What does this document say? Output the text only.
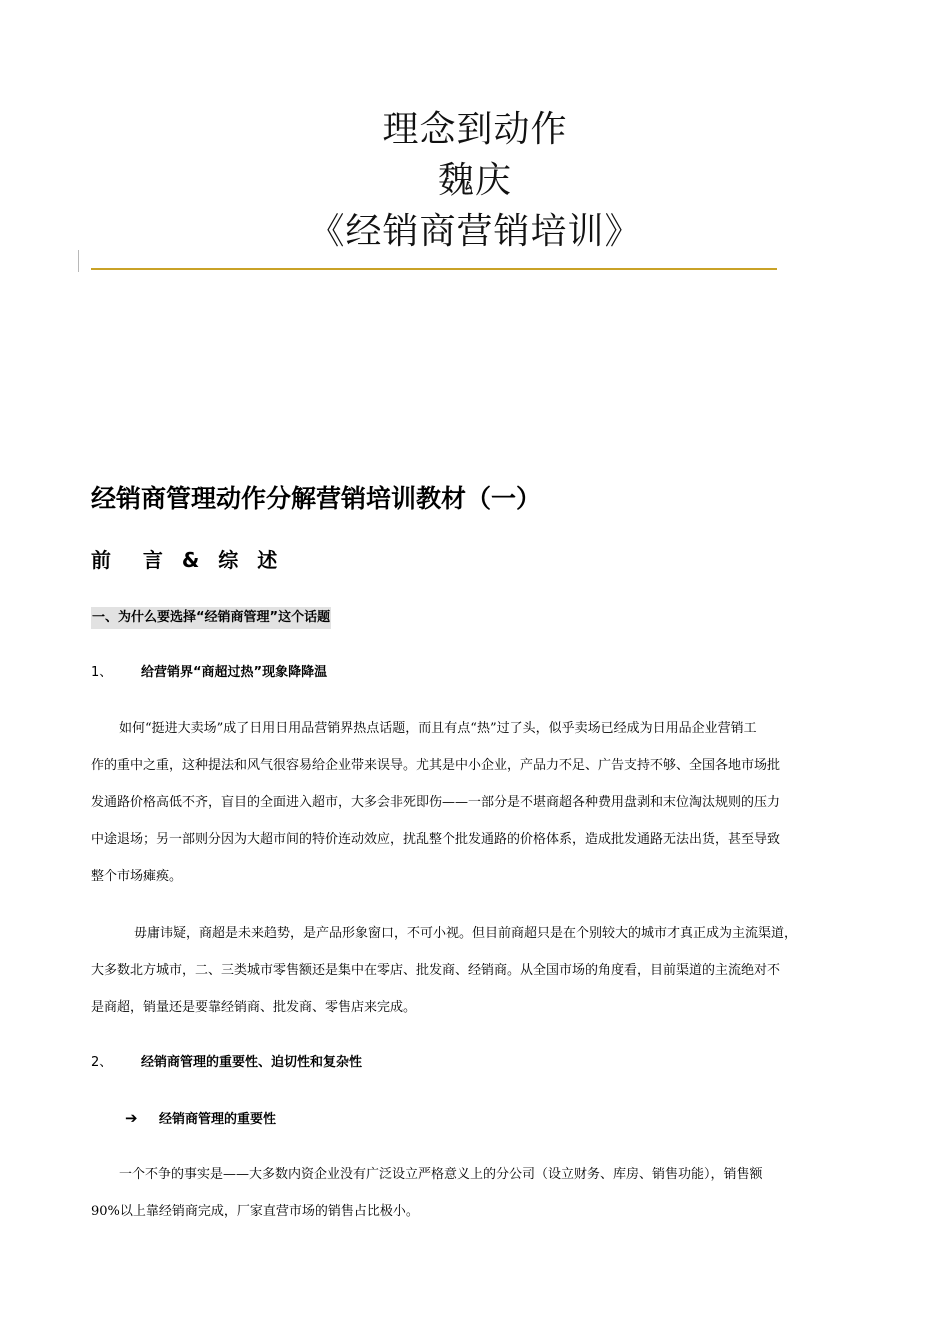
理念到动作
魏庆
《经销商营销培训》
经销商管理动作分解营销培训教材（一）
前  言 & 综 述
一、为什么要选择“经销商管理”这个话题
1、 给营销界“商超过热”现象降降温
如何“挺进大卖场”成了日用日用品营销界热点话题，而且有点“热”过了头，似乎卖场已经成为日用品企业营销工
作的重中之重，这种提法和风气很容易给企业带来误导。尤其是中小企业，产品力不足、广告支持不够、全国各地市场批
发通路价格高低不齐，盲目的全面进入超市，大多会非死即伤——一部分是不堪商超各种费用盘剥和末位淘汰规则的压力
中途退场；另一部则分因为大超市间的特价连动效应，扰乱整个批发通路的价格体系，造成批发通路无法出货，甚至导致
整个市场瘫痪。
毋庸讳疑，商超是未来趋势，是产品形象窗口，不可小视。但目前商超只是在个别较大的城市才真正成为主流渠道，
大多数北方城市，二、三类城市零售额还是集中在零店、批发商、经销商。从全国市场的角度看，目前渠道的主流绝对不
是商超，销量还是要靠经销商、批发商、零售店来完成。
2、 经销商管理的重要性、迫切性和复杂性
➔ 经销商管理的重要性
一个不争的事实是——大多数内资企业没有广泛设立严格意义上的分公司（设立财务、库房、销售功能），销售额
90%以上靠经销商完成，厂家直营市场的销售占比极小。
